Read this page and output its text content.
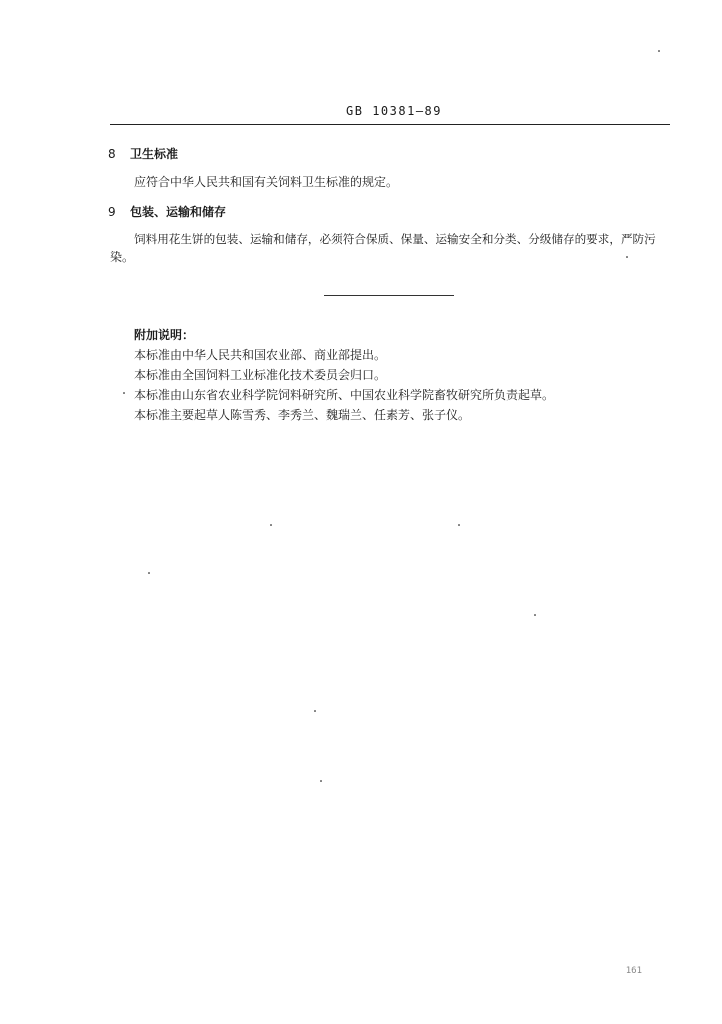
GB 10381—89
8 卫生标准
应符合中华人民共和国有关饲料卫生标准的规定。
9 包装、运输和储存
饲料用花生饼的包装、运输和储存，必须符合保质、保量、运输安全和分类、分级储存的要求，严防污
染。
附加说明：
本标准由中华人民共和国农业部、商业部提出。
本标准由全国饲料工业标准化技术委员会归口。
本标准由山东省农业科学院饲料研究所、中国农业科学院畜牧研究所负责起草。
本标准主要起草人陈雪秀、李秀兰、魏瑞兰、任素芳、张子仪。
161
